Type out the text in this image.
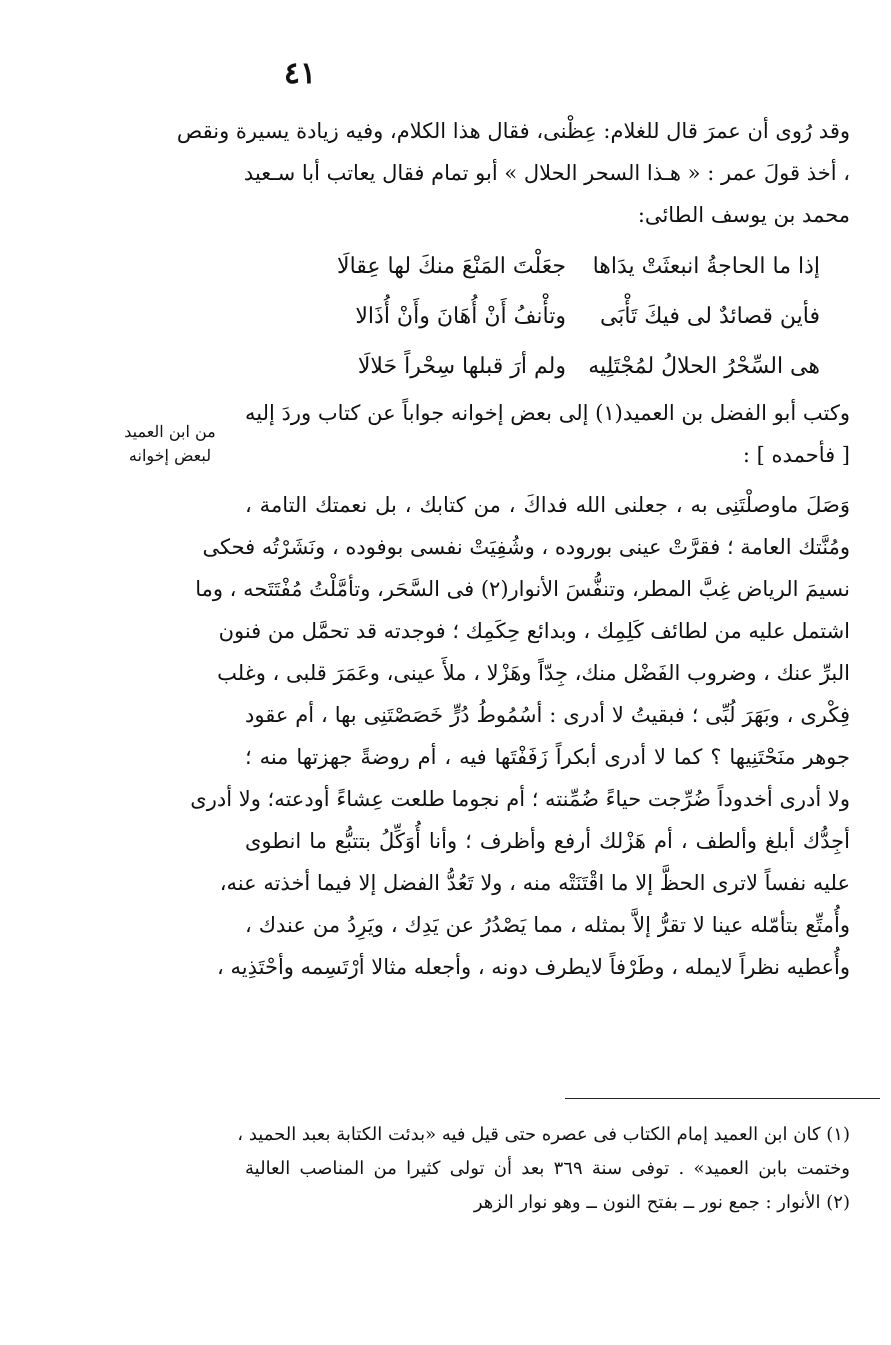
٤١
من ابن العميد
لبعض إخوانه

وقد رُوى أن عمرَ قال للغلام: عِظْنى، فقال هذا الكلام، وفيه زيادة يسيرة ونقص
، أخذ قولَ عمر : « هـذا السحر الحلال » أبو تمام فقال يعاتب أبا سـعيد
محمد بن يوسف الطائى:

إذا ما الحاجةُ انبعثَتْ يدَاها
جعَلْتَ المَنْعَ منكَ لها عِقالَا
فأين قصائدٌ لى فيكَ تَأْبَى
وتأْنفُ أَنْ أُهَانَ وأَنْ أُذَالا
هى السِّحْرُ الحلالُ لمُجْتَلِيه
ولم أرَ قبلها سِحْراً حَلالَا

وكتب أبو الفضل بن العميد(١) إلى بعض إخوانه جواباً عن كتاب وردَ إليه
[ فأحمده ] :

وَصَلَ ماوصلْتَنِى به ، جعلنى الله فداكَ ، من كتابك ، بل نعمتك التامة ،
ومُنَّتك العامة ؛ فقرَّتْ عينى بوروده ، وشُفِيَتْ نفسى بوفوده ، ونَشَرْتُه فحكى
نسيمَ الرياض غِبَّ المطر، وتنفُّسَ الأنوار(٢) فى السَّحَر، وتأمَّلْتُ مُفْتَتَحه ، وما
اشتمل عليه من لطائف كَلِمِك ، وبدائع حِكَمِك ؛ فوجدته قد تحمَّل من فنون
البرِّ عنك ، وضروب الفَضْل منك، جِدّاً وهَزْلا ، ملأَ عينى، وعَمَرَ قلبى ، وغلب
فِكْرى ، وبَهَرَ لُبِّى ؛ فبقيتُ لا أدرى : أسُمُوطُ دُرٍّ خَصَصْتَنِى بها ، أم عقود
جوهر منَحْتَنِيها ؟ كما لا أدرى أبكراً زَفَفْتَها فيه ، أم روضةً جهزتها منه ؛
ولا أدرى أخدوداً ضُرِّجت حياءً ضُمِّنته ؛ أم نجوما طلعت عِشاءً أودعته؛ ولا أدرى
أجِدُّك أبلغ وألطف ، أم هَزْلك أرفع وأظرف ؛ وأنا أُوَكِّلُ بتتبُّع ما انطوى
عليه نفساً لاترى الحظَّ إلا ما اقْتَنَتْه منه ، ولا تَعُدُّ الفضل إلا فيما أخذته عنه،
وأُمتِّع بتأمّله عينا لا تقرُّ إلاَّ بمثله ، مما يَصْدُرُ عن يَدِك ، ويَرِدُ من عندك ،
وأُعطيه نظراً لايمله ، وطَرْفاً لايطرف دونه ، وأجعله مثالا أرْتَسِمه وأحْتَذِيه ،

(١) كان ابن العميد إمام الكتاب فى عصره حتى قيل فيه «بدئت الكتابة بعبد الحميد ،
وختمت بابن العميد» . توفى سنة ٣٦٩ بعد أن تولى كثيرا من المناصب العالية
(٢) الأنوار : جمع نور ــ بفتح النون ــ وهو نوار الزهر
